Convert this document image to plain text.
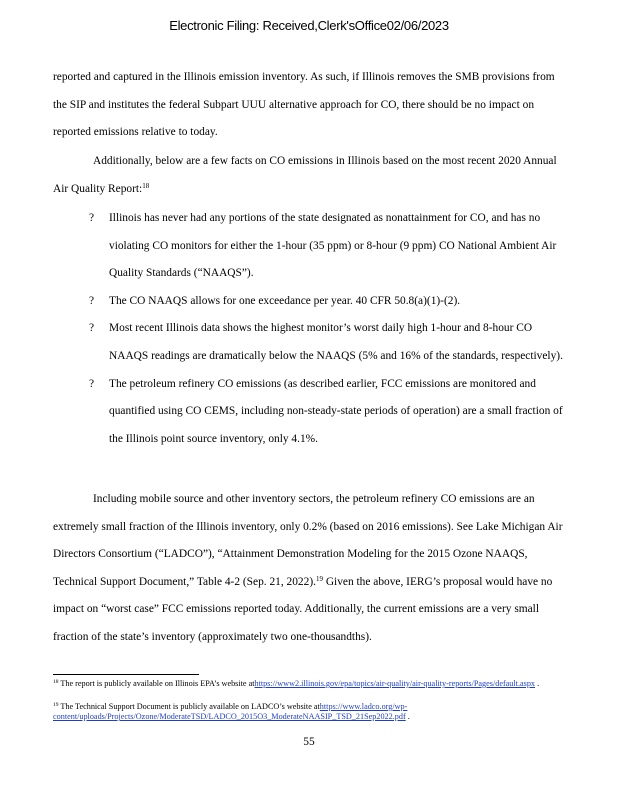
Electronic Filing: Received,Clerk'sOffice02/06/2023
reported and captured in the Illinois emission inventory. As such, if Illinois removes the SMB provisions from the SIP and institutes the federal Subpart UUU alternative approach for CO, there should be no impact on reported emissions relative to today.
Additionally, below are a few facts on CO emissions in Illinois based on the most recent 2020 Annual Air Quality Report:$^{18}$
? Illinois has never had any portions of the state designated as nonattainment for CO, and has no violating CO monitors for either the 1-hour (35 ppm) or 8-hour (9 ppm) CO National Ambient Air Quality Standards (“NAAQS”).
? The CO NAAQS allows for one exceedance per year. 40 CFR 50.8(a)(1)-(2).
? Most recent Illinois data shows the highest monitor’s worst daily high 1-hour and 8-hour CO NAAQS readings are dramatically below the NAAQS (5% and 16% of the standards, respectively).
? The petroleum refinery CO emissions (as described earlier, FCC emissions are monitored and quantified using CO CEMS, including non-steady-state periods of operation) are a small fraction of the Illinois point source inventory, only 4.1%.
Including mobile source and other inventory sectors, the petroleum refinery CO emissions are an extremely small fraction of the Illinois inventory, only 0.2% (based on 2016 emissions). See Lake Michigan Air Directors Consortium (“LADCO”), “Attainment Demonstration Modeling for the 2015 Ozone NAAQS, Technical Support Document,” Table 4-2 (Sep. 21, 2022).$^{19}$ Given the above, IERG’s proposal would have no impact on “worst case” FCC emissions reported today. Additionally, the current emissions are a very small fraction of the state’s inventory (approximately two one-thousandths).
$^{18}$ The report is publicly available on Illinois EPA’s website athttps://www2.illinois.gov/epa/topics/air-quality/air-quality-reports/Pages/default.aspx .
$^{19}$ The Technical Support Document is publicly available on LADCO’s website athttps://www.ladco.org/wp-content/uploads/Projects/Ozone/ModerateTSD/LADCO_2015O3_ModerateNAASIP_TSD_21Sep2022.pdf .
55
